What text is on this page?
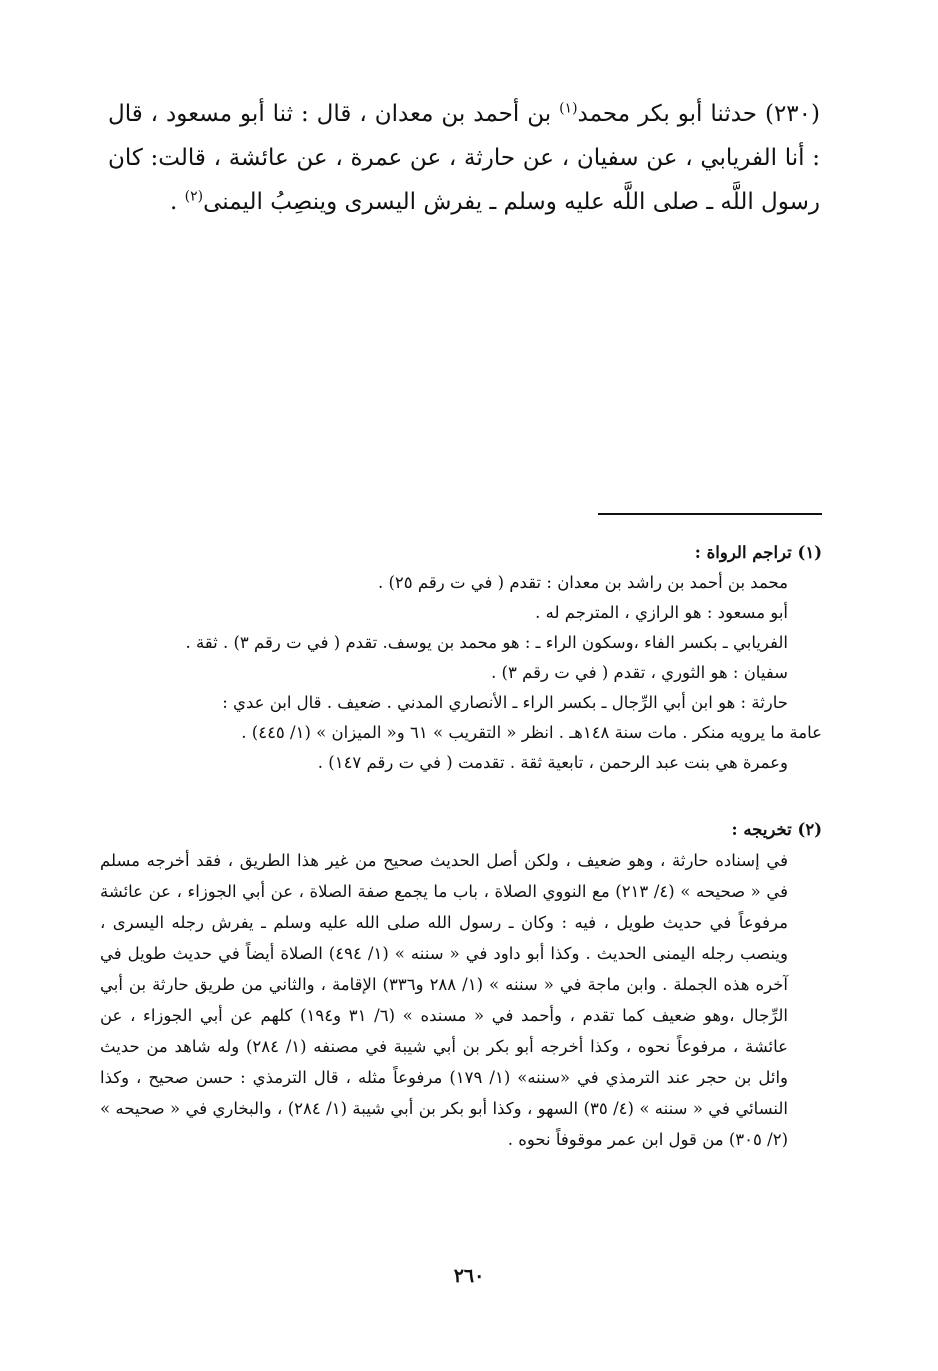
(٢٣٠) حدثنا أبو بكر محمد$^{(١)}$ بن أحمد بن معدان ، قال : ثنا أبو مسعود ، قال : أنا الفريابي ، عن سفيان ، عن حارثة ، عن عمرة ، عن عائشة ، قالت: كان رسول اللَّه ـ صلى اللَّه عليه وسلم ـ يفرش اليسرى وينصِبُ اليمنى$^{(٢)}$ .

(١) تراجم الرواة :

محمد بن أحمد بن راشد بن معدان : تقدم ( في ت رقم ٢٥) .

أبو مسعود : هو الرازي ، المترجم له .

الفريابي ـ بكسر الفاء ،وسكون الراء ـ : هو محمد بن يوسف. تقدم ( في ت رقم ٣) . ثقة .

سفيان : هو الثوري ، تقدم ( في ت رقم ٣) .

حارثة : هو ابن أبي الرِّجال ـ بكسر الراء ـ الأنصاري المدني . ضعيف . قال ابن عدي :

عامة ما يرويه منكر . مات سنة ١٤٨هـ . انظر « التقريب » ٦١ و« الميزان » (١/ ٤٤٥) .

وعمرة هي بنت عبد الرحمن ، تابعية ثقة . تقدمت ( في ت رقم ١٤٧) .

(٢) تخريجه :

في إسناده حارثة ، وهو ضعيف ، ولكن أصل الحديث صحيح من غير هذا الطريق ، فقد أخرجه مسلم في « صحيحه » (٤/ ٢١٣) مع النووي الصلاة ، باب ما يجمع صفة الصلاة ، عن أبي الجوزاء ، عن عائشة مرفوعاً في حديث طويل ، فيه : وكان ـ رسول الله صلى الله عليه وسلم ـ يفرش رجله اليسرى ، وينصب رجله اليمنى الحديث . وكذا أبو داود في « سننه » (١/ ٤٩٤) الصلاة أيضاً في حديث طويل في آخره هذه الجملة . وابن ماجة في « سننه » (١/ ٢٨٨ و٣٣٦) الإقامة ، والثاني من طريق حارثة بن أبي الرِّجال ،وهو ضعيف كما تقدم ، وأحمد في « مسنده » (٦/ ٣١ و١٩٤) كلهم عن أبي الجوزاء ، عن عائشة ، مرفوعاً نحوه ، وكذا أخرجه أبو بكر بن أبي شيبة في مصنفه (١/ ٢٨٤) وله شاهد من حديث وائل بن حجر عند الترمذي في «سننه» (١/ ١٧٩) مرفوعاً مثله ، قال الترمذي : حسن صحيح ، وكذا النسائي في « سننه » (٤/ ٣٥) السهو ، وكذا أبو بكر بن أبي شيبة (١/ ٢٨٤) ، والبخاري في « صحيحه » (٢/ ٣٠٥) من قول ابن عمر موقوفاً نحوه .

٢٦٠
